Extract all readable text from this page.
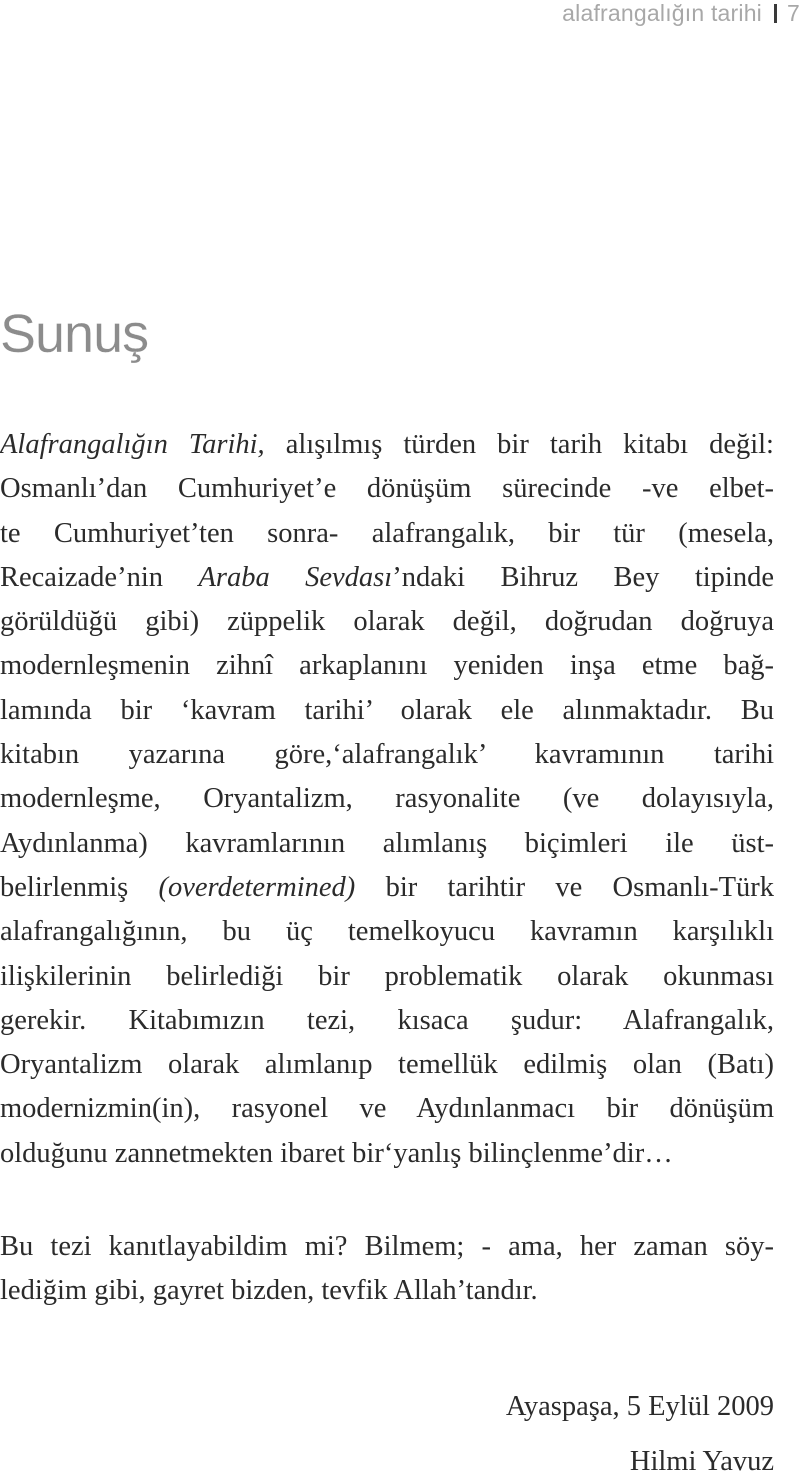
alafrangalığın tarihi 7
Sunuş
Alafrangalığın Tarihi, alışılmış türden bir tarih kitabı değil:
Osmanlı’dan Cumhuriyet’e dönüşüm sürecinde -ve elbet-
te Cumhuriyet’ten sonra- alafrangalık, bir tür (mesela,
Recaizade’nin Araba Sevdası’ndaki Bihruz Bey tipinde
görüldüğü gibi) züppelik olarak değil, doğrudan doğruya
modernleşmenin zihnî arkaplanını yeniden inşa etme bağ-
lamında bir ‘kavram tarihi’ olarak ele alınmaktadır. Bu
kitabın yazarına göre,‘alafrangalık’ kavramının tarihi
modernleşme, Oryantalizm, rasyonalite (ve dolayısıyla,
Aydınlanma) kavramlarının alımlanış biçimleri ile üst-
belirlenmiş (overdetermined) bir tarihtir ve Osmanlı-Türk
alafrangalığının, bu üç temelkoyucu kavramın karşılıklı
ilişkilerinin belirlediği bir problematik olarak okunması
gerekir. Kitabımızın tezi, kısaca şudur: Alafrangalık,
Oryantalizm olarak alımlanıp temellük edilmiş olan (Batı)
modernizmin(in), rasyonel ve Aydınlanmacı bir dönüşüm
olduğunu zannetmekten ibaret bir‘yanlış bilinçlenme’dir…
Bu tezi kanıtlayabildim mi? Bilmem; - ama, her zaman söy-
lediğim gibi, gayret bizden, tevfik Allah’tandır.
Ayaspaşa, 5 Eylül 2009
Hilmi Yavuz
